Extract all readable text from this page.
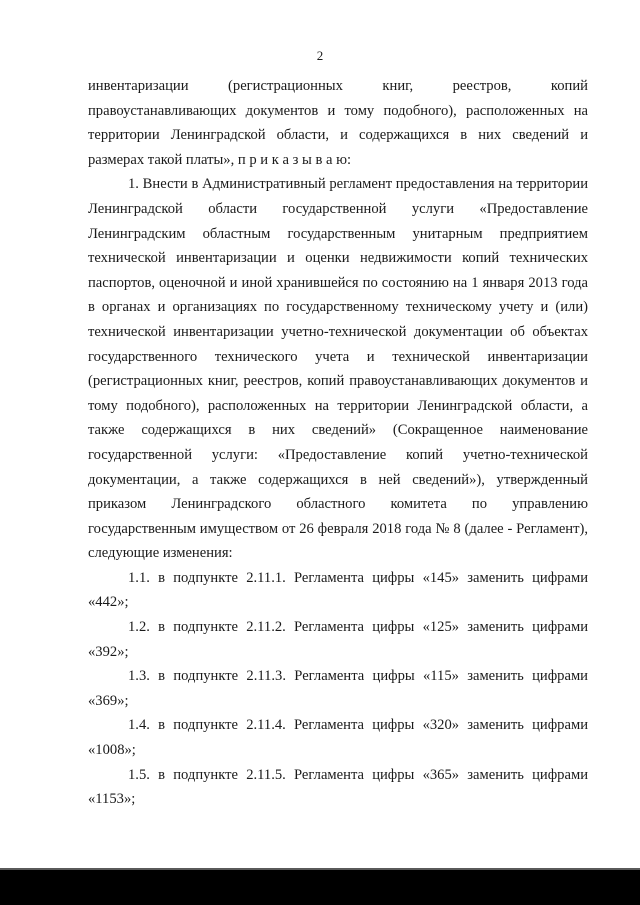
2

инвентаризации (регистрационных книг, реестров, копий правоустанавливающих документов и тому подобного), расположенных на территории Ленинградской области, и содержащихся в них сведений и размерах такой платы», п р и к а з ы в а ю:

1. Внести в Административный регламент предоставления на территории Ленинградской области государственной услуги «Предоставление Ленинградским областным государственным унитарным предприятием технической инвентаризации и оценки недвижимости копий технических паспортов, оценочной и иной хранившейся по состоянию на 1 января 2013 года в органах и организациях по государственному техническому учету и (или) технической инвентаризации учетно-технической документации об объектах государственного технического учета и технической инвентаризации (регистрационных книг, реестров, копий правоустанавливающих документов и тому подобного), расположенных на территории Ленинградской области, а также содержащихся в них сведений» (Сокращенное наименование государственной услуги: «Предоставление копий учетно-технической документации, а также содержащихся в ней сведений»), утвержденный приказом Ленинградского областного комитета по управлению государственным имуществом от 26 февраля 2018 года № 8 (далее - Регламент), следующие изменения:

1.1. в подпункте 2.11.1. Регламента цифры «145» заменить цифрами «442»;

1.2. в подпункте 2.11.2. Регламента цифры «125» заменить цифрами «392»;

1.3. в подпункте 2.11.3. Регламента цифры «115» заменить цифрами «369»;

1.4. в подпункте 2.11.4. Регламента цифры «320» заменить цифрами «1008»;

1.5. в подпункте 2.11.5. Регламента цифры «365» заменить цифрами «1153»;
